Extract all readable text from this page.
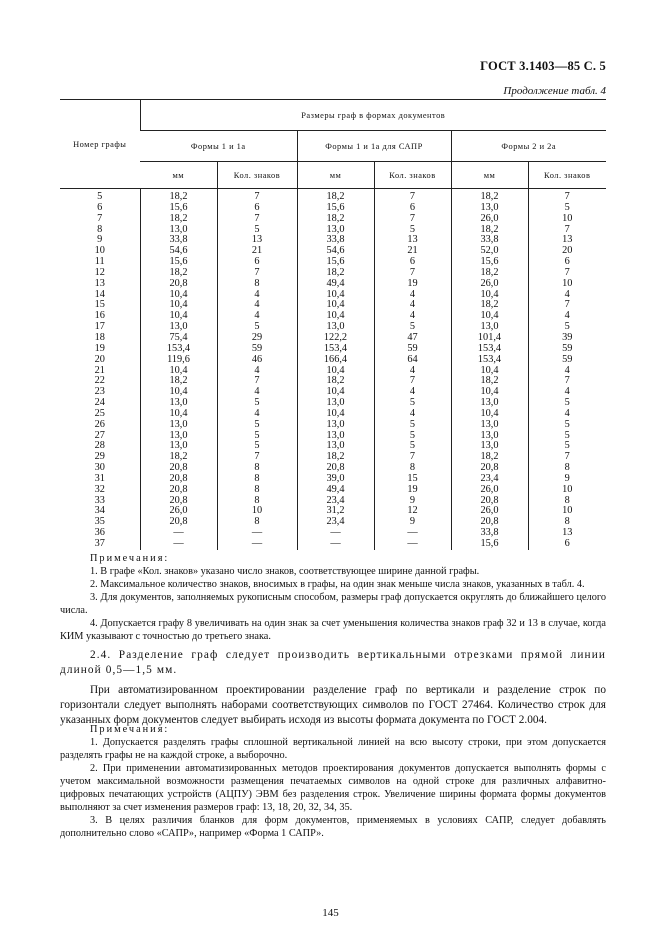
ГОСТ 3.1403—85 С. 5
Продолжение табл. 4
Номер графы	Размеры граф в формах документов					
	Формы 1 и 1а		Формы 1 и 1а для САПР		Формы 2 и 2а	
	мм	Кол. знаков	мм	Кол. знаков	мм	Кол. знаков
5	18,2	7	18,2	7	18,2	7
6	15,6	6	15,6	6	13,0	5
7	18,2	7	18,2	7	26,0	10
8	13,0	5	13,0	5	18,2	7
9	33,8	13	33,8	13	33,8	13
10	54,6	21	54,6	21	52,0	20
11	15,6	6	15,6	6	15,6	6
12	18,2	7	18,2	7	18,2	7
13	20,8	8	49,4	19	26,0	10
14	10,4	4	10,4	4	10,4	4
15	10,4	4	10,4	4	18,2	7
16	10,4	4	10,4	4	10,4	4
17	13,0	5	13,0	5	13,0	5
18	75,4	29	122,2	47	101,4	39
19	153,4	59	153,4	59	153,4	59
20	119,6	46	166,4	64	153,4	59
21	10,4	4	10,4	4	10,4	4
22	18,2	7	18,2	7	18,2	7
23	10,4	4	10,4	4	10,4	4
24	13,0	5	13,0	5	13,0	5
25	10,4	4	10,4	4	10,4	4
26	13,0	5	13,0	5	13,0	5
27	13,0	5	13,0	5	13,0	5
28	13,0	5	13,0	5	13,0	5
29	18,2	7	18,2	7	18,2	7
30	20,8	8	20,8	8	20,8	8
31	20,8	8	39,0	15	23,4	9
32	20,8	8	49,4	19	26,0	10
33	20,8	8	23,4	9	20,8	8
34	26,0	10	31,2	12	26,0	10
35	20,8	8	23,4	9	20,8	8
36	—	—	—	—	33,8	13
37	—	—	—	—	15,6	6
Примечания:

1. В графе «Кол. знаков» указано число знаков, соответствующее ширине данной графы.

2. Максимальное количество знаков, вносимых в графы, на один знак меньше числа знаков, указанных в табл. 4.

3. Для документов, заполняемых рукописным способом, размеры граф допускается округлять до ближайшего целого числа.

4. Допускается графу 8 увеличивать на один знак за счет уменьшения количества знаков граф 32 и 13 в случае, когда КИМ указывают с точностью до третьего знака.

2.4. Разделение граф следует производить вертикальными отрезками прямой линии длиной 0,5—1,5 мм.

При автоматизированном проектировании разделение граф по вертикали и разделение строк по горизонтали следует выполнять наборами соответствующих символов по ГОСТ 27464. Количество строк для указанных форм документов следует выбирать исходя из высоты формата документа по ГОСТ 2.004.

Примечания:

1. Допускается разделять графы сплошной вертикальной линией на всю высоту строки, при этом допускается разделять графы не на каждой строке, а выборочно.

2. При применении автоматизированных методов проектирования документов допускается выполнять формы с учетом максимальной возможности размещения печатаемых символов на одной строке для различных алфавитно-цифровых печатающих устройств (АЦПУ) ЭВМ без разделения строк. Увеличение ширины формата формы документов выполняют за счет изменения размеров граф: 13, 18, 20, 32, 34, 35.

3. В целях различия бланков для форм документов, применяемых в условиях САПР, следует добавлять дополнительно слово «САПР», например «Форма 1 САПР».

145
